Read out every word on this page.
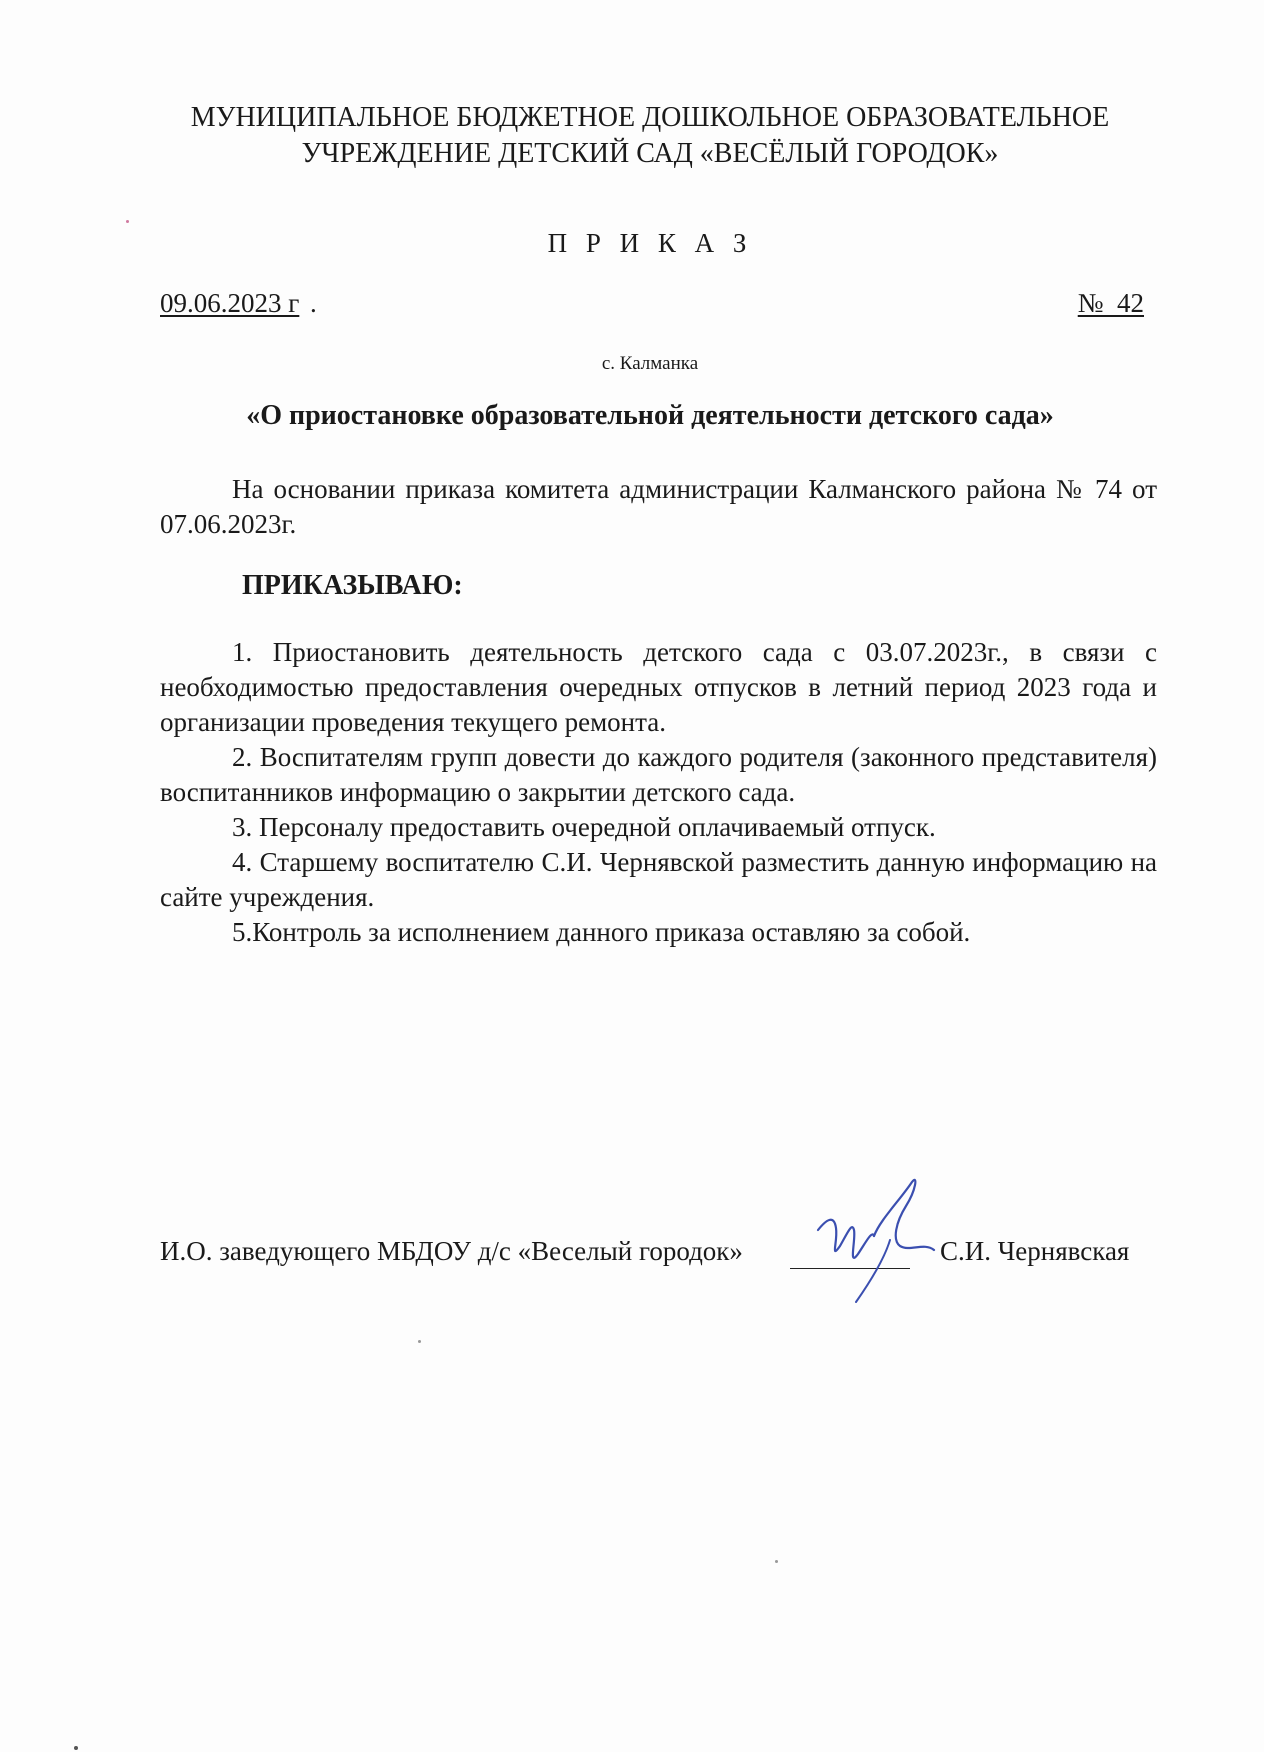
МУНИЦИПАЛЬНОЕ БЮДЖЕТНОЕ ДОШКОЛЬНОЕ ОБРАЗОВАТЕЛЬНОЕ
УЧРЕЖДЕНИЕ ДЕТСКИЙ САД «ВЕСЁЛЫЙ ГОРОДОК»
П Р И К А З
09.06.2023 г .	№  42
с. Калманка
«О приостановке образовательной деятельности детского сада»

На основании приказа комитета администрации Калманского района № 74 от 07.06.2023г.

ПРИКАЗЫВАЮ:

1. Приостановить деятельность детского сада с 03.07.2023г., в связи с необходимостью предоставления очередных отпусков в летний период 2023 года и организации проведения текущего ремонта.

2. Воспитателям групп довести до каждого родителя (законного представителя) воспитанников информацию о закрытии детского сада.

3. Персоналу предоставить очередной оплачиваемый отпуск.

4. Старшему воспитателю С.И. Чернявской разместить данную информацию на сайте учреждения.

5.Контроль за исполнением данного приказа оставляю за собой.

И.О. заведующего МБДОУ д/с «Веселый городок»	С.И. Чернявская
